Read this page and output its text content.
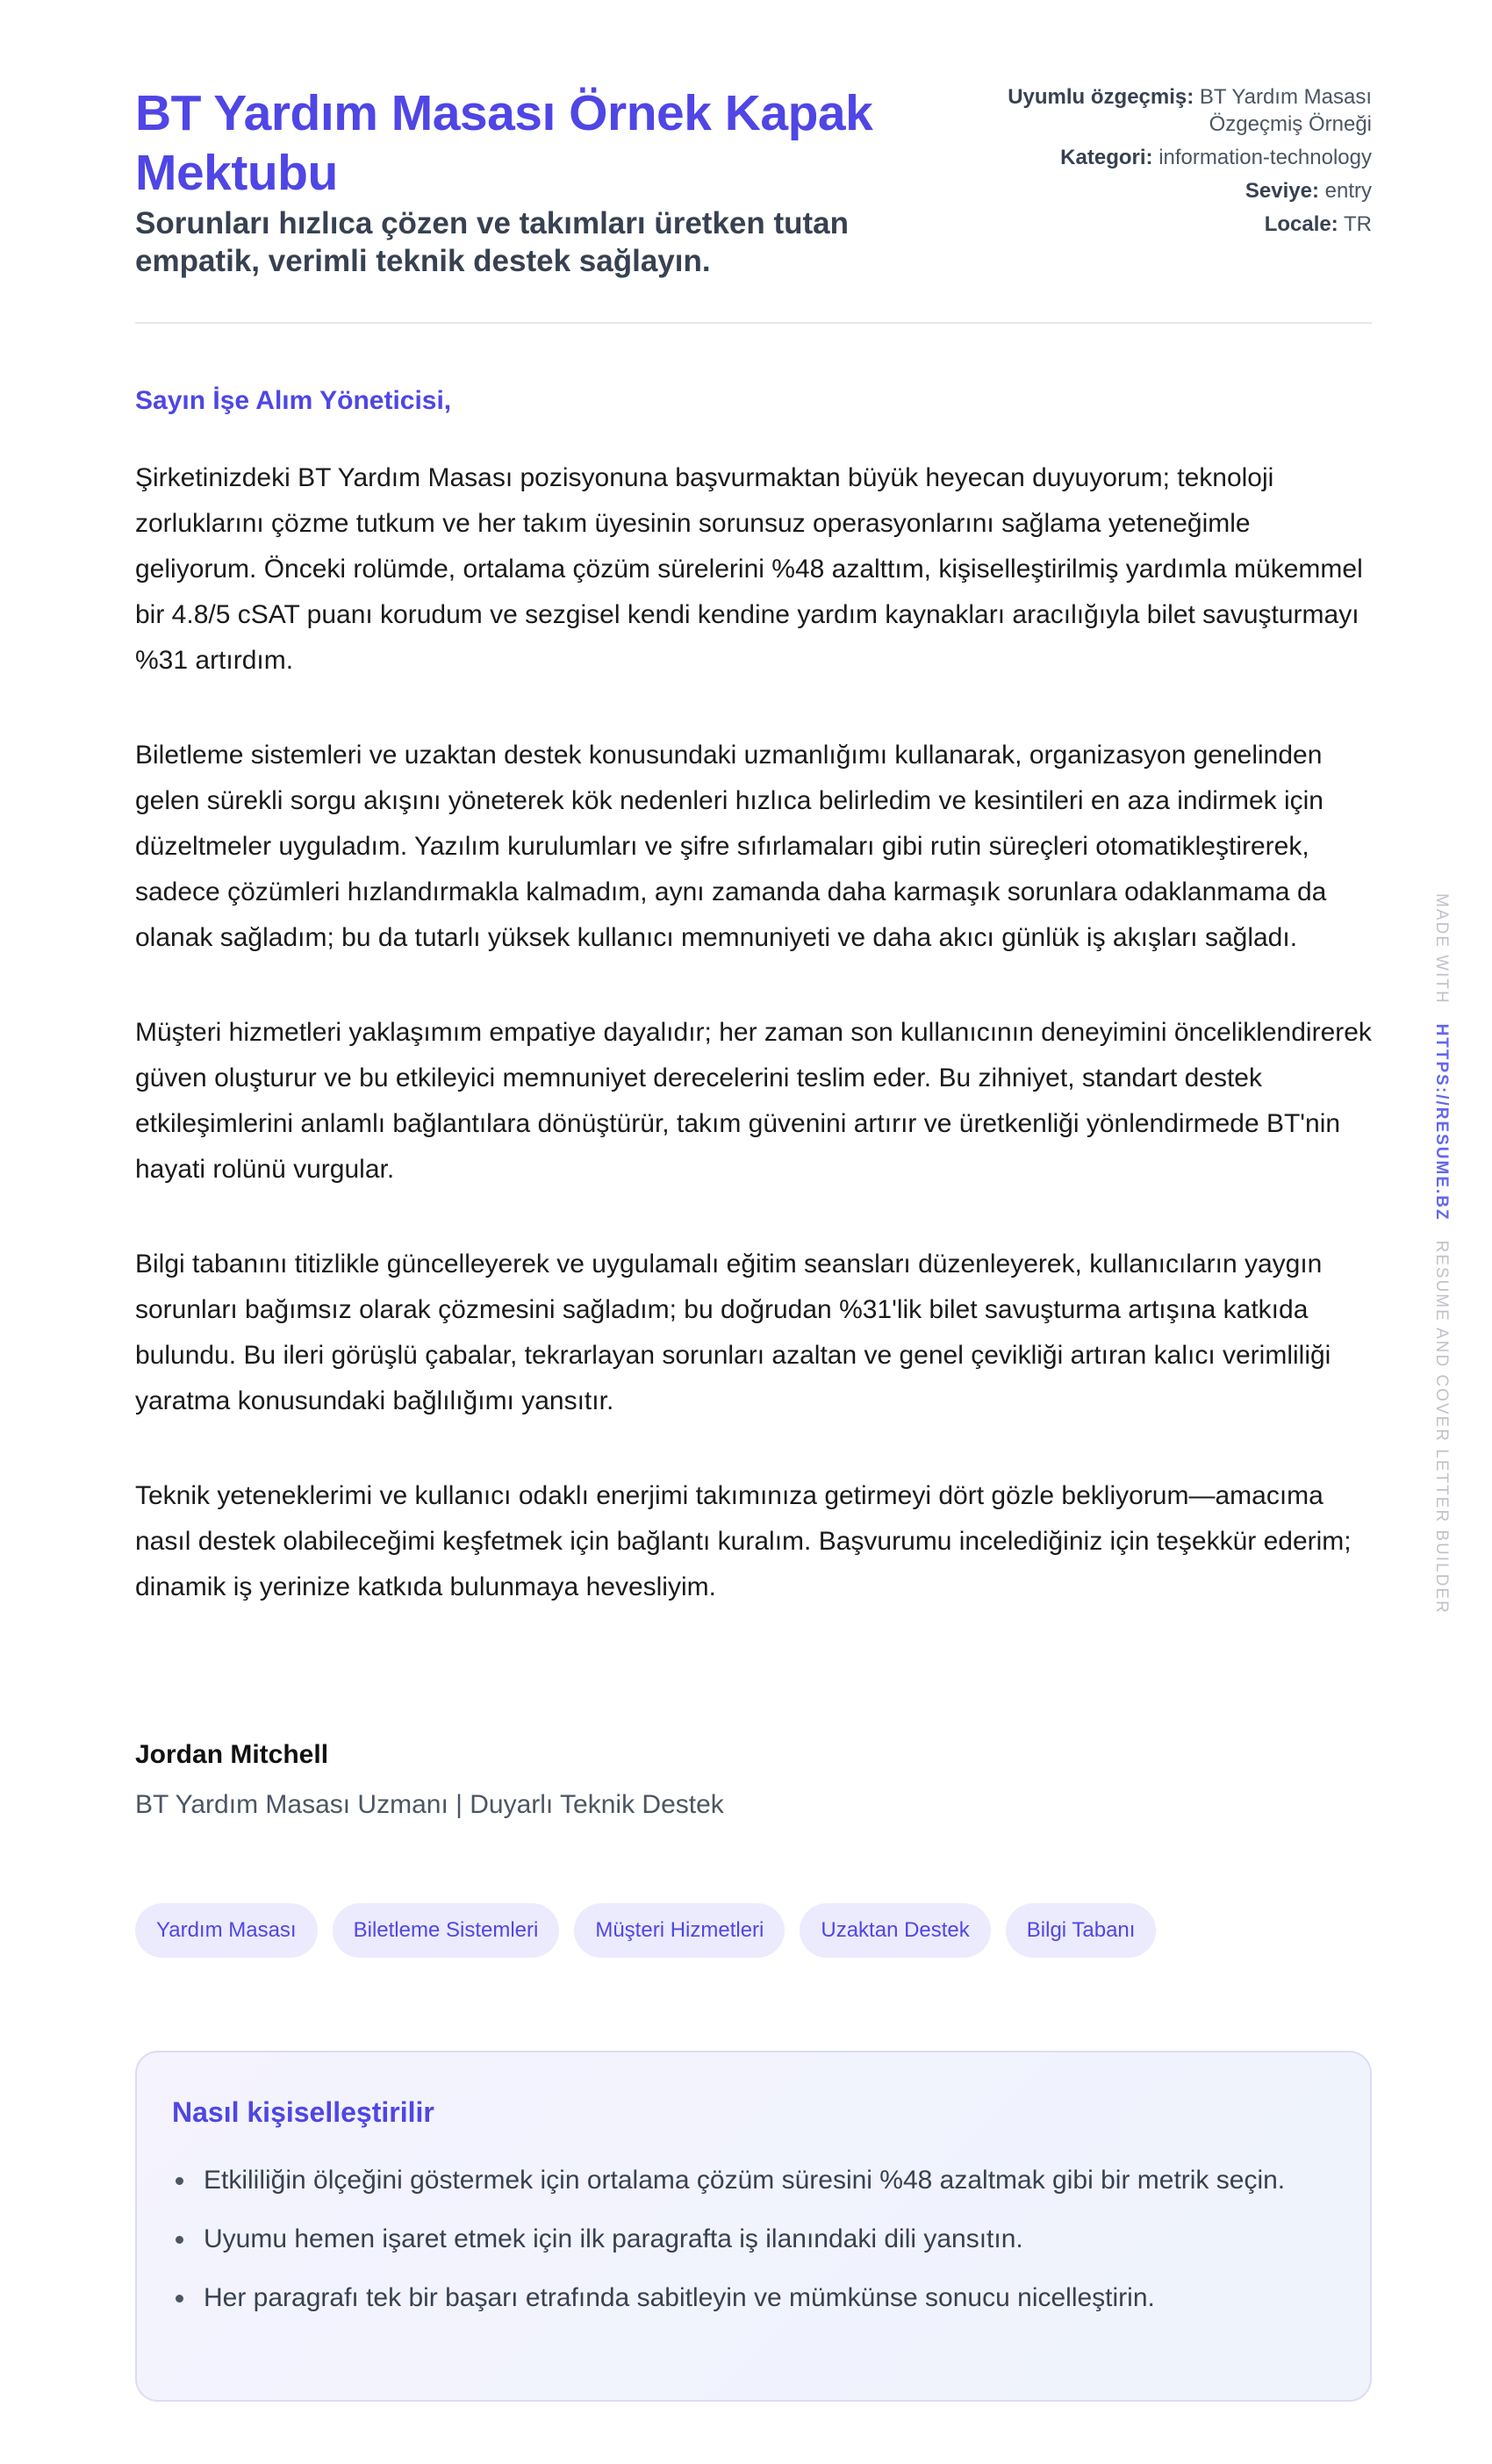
BT Yardım Masası Örnek Kapak Mektubu
Sorunları hızlıca çözen ve takımları üretken tutan empatik, verimli teknik destek sağlayın.
Uyumlu özgeçmiş: BT Yardım Masası Özgeçmiş Örneği
Kategori: information-technology
Seviye: entry
Locale: TR
Sayın İşe Alım Yöneticisi,

Şirketinizdeki BT Yardım Masası pozisyonuna başvurmaktan büyük heyecan duyuyorum; teknoloji zorluklarını çözme tutkum ve her takım üyesinin sorunsuz operasyonlarını sağlama yeteneğimle geliyorum. Önceki rolümde, ortalama çözüm sürelerini %48 azalttım, kişiselleştirilmiş yardımla mükemmel bir 4.8/5 cSAT puanı korudum ve sezgisel kendi kendine yardım kaynakları aracılığıyla bilet savuşturmayı %31 artırdım.

Biletleme sistemleri ve uzaktan destek konusundaki uzmanlığımı kullanarak, organizasyon genelinden gelen sürekli sorgu akışını yöneterek kök nedenleri hızlıca belirledim ve kesintileri en aza indirmek için düzeltmeler uyguladım. Yazılım kurulumları ve şifre sıfırlamaları gibi rutin süreçleri otomatikleştirerek, sadece çözümleri hızlandırmakla kalmadım, aynı zamanda daha karmaşık sorunlara odaklanmama da olanak sağladım; bu da tutarlı yüksek kullanıcı memnuniyeti ve daha akıcı günlük iş akışları sağladı.

Müşteri hizmetleri yaklaşımım empatiye dayalıdır; her zaman son kullanıcının deneyimini önceliklendirerek güven oluşturur ve bu etkileyici memnuniyet derecelerini teslim eder. Bu zihniyet, standart destek etkileşimlerini anlamlı bağlantılara dönüştürür, takım güvenini artırır ve üretkenliği yönlendirmede BT'nin hayati rolünü vurgular.

Bilgi tabanını titizlikle güncelleyerek ve uygulamalı eğitim seansları düzenleyerek, kullanıcıların yaygın sorunları bağımsız olarak çözmesini sağladım; bu doğrudan %31'lik bilet savuşturma artışına katkıda bulundu. Bu ileri görüşlü çabalar, tekrarlayan sorunları azaltan ve genel çevikliği artıran kalıcı verimliliği yaratma konusundaki bağlılığımı yansıtır.

Teknik yeteneklerimi ve kullanıcı odaklı enerjimi takımınıza getirmeyi dört gözle bekliyorum—amacıma nasıl destek olabileceğimi keşfetmek için bağlantı kuralım. Başvurumu incelediğiniz için teşekkür ederim; dinamik iş yerinize katkıda bulunmaya hevesliyim.

Jordan Mitchell
BT Yardım Masası Uzmanı | Duyarlı Teknik Destek
Yardım Masası	Biletleme Sistemleri	Müşteri Hizmetleri	Uzaktan Destek	Bilgi Tabanı
Nasıl kişiselleştirilir
Etkililiğin ölçeğini göstermek için ortalama çözüm süresini %48 azaltmak gibi bir metrik seçin.
Uyumu hemen işaret etmek için ilk paragrafta iş ilanındaki dili yansıtın.
Her paragrafı tek bir başarı etrafında sabitleyin ve mümkünse sonucu nicelleştirin.
MADE WITH   HTTPS://RESUME.BZ   RESUME AND COVER LETTER BUILDER
